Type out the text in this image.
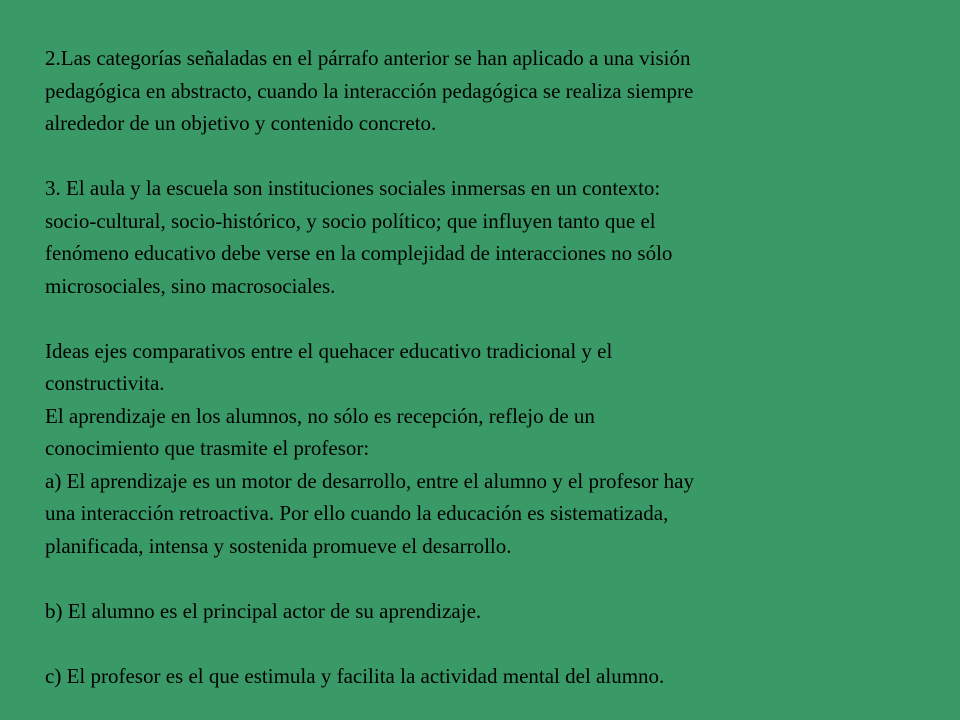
2.Las categorías señaladas en el párrafo anterior se han aplicado a una visión
pedagógica en abstracto, cuando la interacción pedagógica se realiza siempre
alrededor de un objetivo y contenido concreto.
3. El aula y la escuela son instituciones sociales inmersas en un contexto:
socio-cultural, socio-histórico, y socio político; que influyen tanto que el
fenómeno educativo debe verse en la complejidad de interacciones no sólo
microsociales, sino macrosociales.
Ideas ejes comparativos entre el quehacer educativo tradicional y el
constructivita.
El aprendizaje en los alumnos, no sólo es recepción, reflejo de un
conocimiento que trasmite el profesor:
a) El aprendizaje es un motor de desarrollo, entre el alumno y el profesor hay
una interacción retroactiva. Por ello cuando la educación es sistematizada,
planificada, intensa y sostenida promueve el desarrollo.
b) El alumno es el principal actor de su aprendizaje.
c) El profesor es el que estimula y facilita la actividad mental del alumno.
